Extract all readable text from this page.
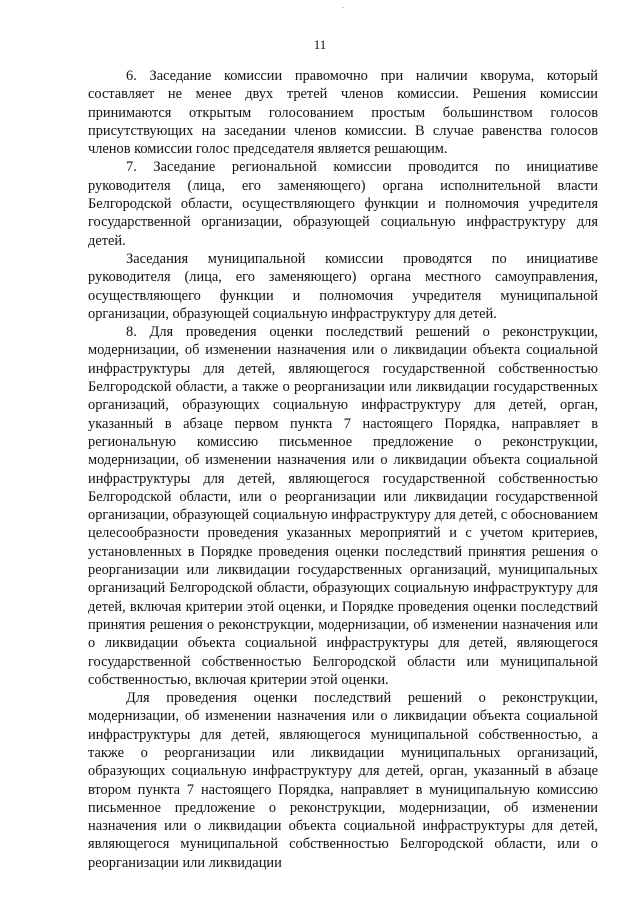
.
11

6. Заседание комиссии правомочно при наличии кворума, который составляет не менее двух третей членов комиссии. Решения комиссии принимаются открытым голосованием простым большинством голосов присутствующих на заседании членов комиссии. В случае равенства голосов членов комиссии голос председателя является решающим.

7. Заседание региональной комиссии проводится по инициативе руководителя (лица, его заменяющего) органа исполнительной власти Белгородской области, осуществляющего функции и полномочия учредителя государственной организации, образующей социальную инфраструктуру для детей.

Заседания муниципальной комиссии проводятся по инициативе руководителя (лица, его заменяющего) органа местного самоуправления, осуществляющего функции и полномочия учредителя муниципальной организации, образующей социальную инфраструктуру для детей.

8. Для проведения оценки последствий решений о реконструкции, модернизации, об изменении назначения или о ликвидации объекта социальной инфраструктуры для детей, являющегося государственной собственностью Белгородской области, а также о реорганизации или ликвидации государственных организаций, образующих социальную инфраструктуру для детей, орган, указанный в абзаце первом пункта 7 настоящего Порядка, направляет в региональную комиссию письменное предложение о реконструкции, модернизации, об изменении назначения или о ликвидации объекта социальной инфраструктуры для детей, являющегося государственной собственностью Белгородской области, или о реорганизации или ликвидации государственной организации, образующей социальную инфраструктуру для детей, с обоснованием целесообразности проведения указанных мероприятий и с учетом критериев, установленных в Порядке проведения оценки последствий принятия решения о реорганизации или ликвидации государственных организаций, муниципальных организаций Белгородской области, образующих социальную инфраструктуру для детей, включая критерии этой оценки, и Порядке проведения оценки последствий принятия решения о реконструкции, модернизации, об изменении назначения или о ликвидации объекта социальной инфраструктуры для детей, являющегося государственной собственностью Белгородской области или муниципальной собственностью, включая критерии этой оценки.

Для проведения оценки последствий решений о реконструкции, модернизации, об изменении назначения или о ликвидации объекта социальной инфраструктуры для детей, являющегося муниципальной собственностью, а также о реорганизации или ликвидации муниципальных организаций, образующих социальную инфраструктуру для детей, орган, указанный в абзаце втором пункта 7 настоящего Порядка, направляет в муниципальную комиссию письменное предложение о реконструкции, модернизации, об изменении назначения или о ликвидации объекта социальной инфраструктуры для детей, являющегося муниципальной собственностью Белгородской области, или о реорганизации или ликвидации
